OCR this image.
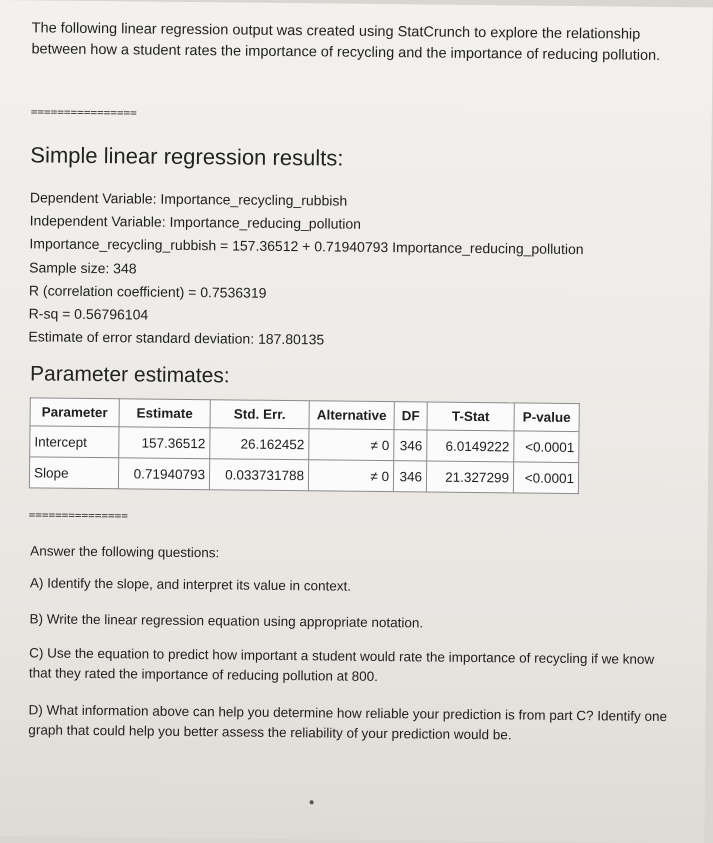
The following linear regression output was created using StatCrunch to explore the relationship between how a student rates the importance of recycling and the importance of reducing pollution.
================
Simple linear regression results:
Dependent Variable: Importance_recycling_rubbish
Independent Variable: Importance_reducing_pollution
Importance_recycling_rubbish = 157.36512 + 0.71940793 Importance_reducing_pollution
Sample size: 348
R (correlation coefficient) = 0.7536319
R-sq = 0.56796104
Estimate of error standard deviation: 187.80135
Parameter estimates:
Parameter	Estimate	Std. Err.	Alternative	DF	T-Stat	P-value
Intercept	157.36512	26.162452	≠ 0	346	6.0149222	<0.0001
Slope	0.71940793	0.033731788	≠ 0	346	21.327299	<0.0001
===============
Answer the following questions:
A) Identify the slope, and interpret its value in context.
B) Write the linear regression equation using appropriate notation.
C) Use the equation to predict how important a student would rate the importance of recycling if we know that they rated the importance of reducing pollution at 800.
D) What information above can help you determine how reliable your prediction is from part C? Identify one graph that could help you better assess the reliability of your prediction would be.
